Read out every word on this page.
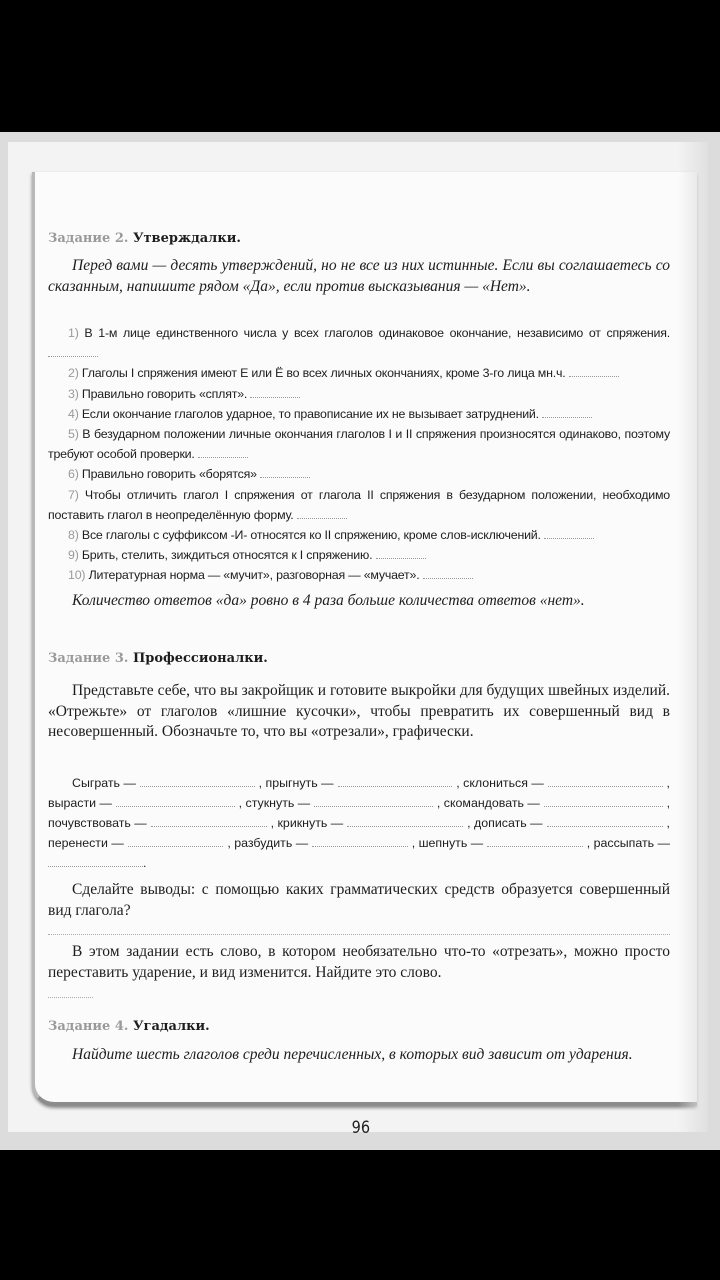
Задание 2. Утверждалки.
Перед вами — десять утверждений, но не все из них истинные. Если вы соглашаетесь со сказанным, напишите рядом «Да», если против высказывания — «Нет».
1) В 1-м лице единственного числа у всех глаголов одинаковое окончание, независимо от спряжения.
2) Глаголы I спряжения имеют Е или Ё во всех личных окончаниях, кроме 3-го лица мн.ч.
3) Правильно говорить «сплят».
4) Если окончание глаголов ударное, то правописание их не вызывает затруднений.
5) В безударном положении личные окончания глаголов I и II спряжения произносятся одинаково, поэтому требуют особой проверки.
6) Правильно говорить «борятся»
7) Чтобы отличить глагол I спряжения от глагола II спряжения в безударном положении, необходимо поставить глагол в неопределённую форму.
8) Все глаголы с суффиксом -И- относятся ко II спряжению, кроме слов-исключений.
9) Брить, стелить, зиждиться относятся к I спряжению.
10) Литературная норма — «мучит», разговорная — «мучает».
Количество ответов «да» ровно в 4 раза больше количества ответов «нет».
Задание 3. Профессионалки.
Представьте себе, что вы закройщик и готовите выкройки для будущих швейных изделий. «Отрежьте» от глаголов «лишние кусочки», чтобы превратить их совершенный вид в несовершенный. Обозначьте то, что вы «отрезали», графически.
Сыграть —	, прыгнуть —	, склониться —	,
вырасти —	, стукнуть —	, скомандовать —	,
почувствовать —	, крикнуть —	, дописать —	,
перенести —	, разбудить —	, шепнуть —	, рассыпать —
.
Сделайте выводы: с помощью каких грамматических средств образуется совершенный вид глагола?
В этом задании есть слово, в котором необязательно что-то «отрезать», можно просто переставить ударение, и вид изменится. Найдите это слово.
Задание 4. Угадалки.
Найдите шесть глаголов среди перечисленных, в которых вид зависит от ударения.
96
